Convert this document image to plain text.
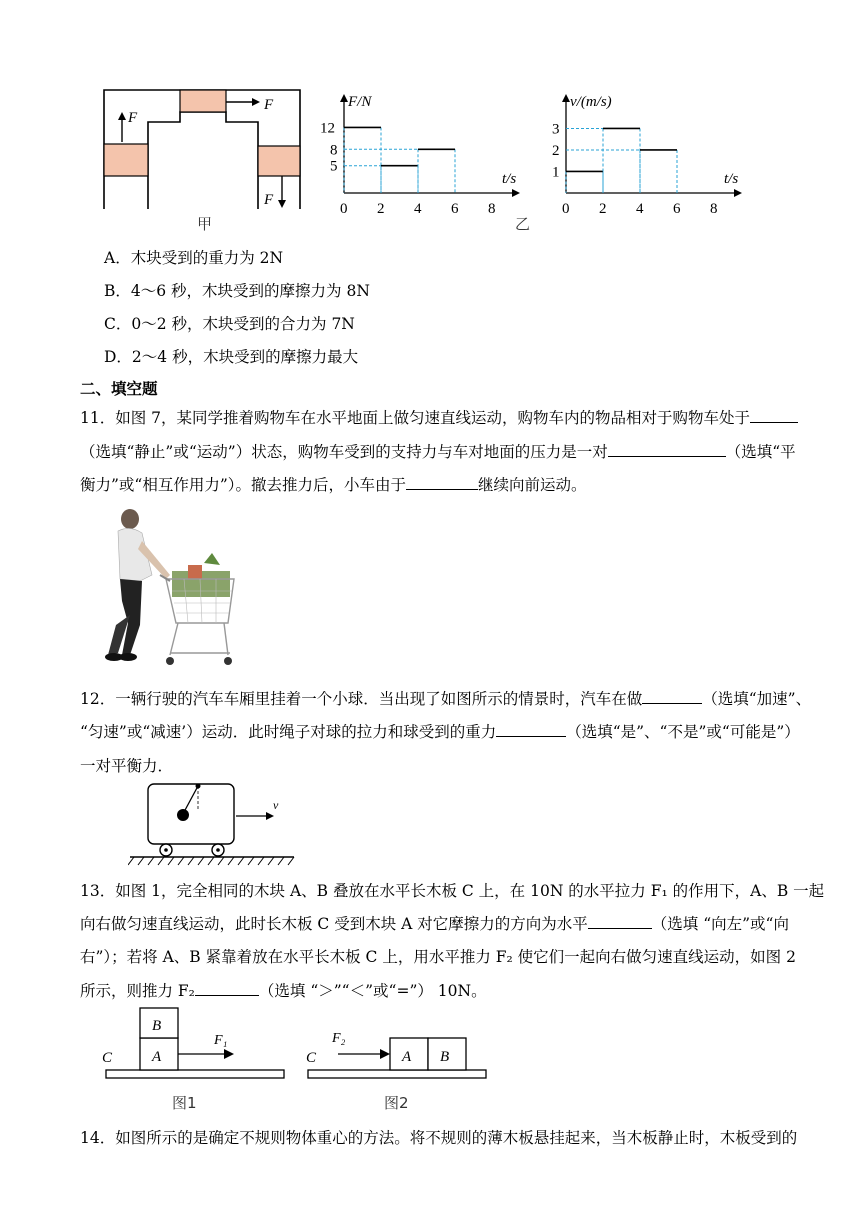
F
F
F
甲
F/N
t/s
0 2 4 6 8
12
8
5
v/(m/s)
t/s
0 2 4 6 8
3
2
1
乙
A．木块受到的重力为 2N
B．4～6 秒，木块受到的摩擦力为 8N
C．0～2 秒，木块受到的合力为 7N
D．2～4 秒，木块受到的摩擦力最大
二、填空题
11．如图 7，某同学推着购物车在水平地面上做匀速直线运动，购物车内的物品相对于购物车处于
（选填“静止”或“运动”）状态，购物车受到的支持力与车对地面的压力是一对	（选填“平
衡力”或“相互作用力”）。撤去推力后，小车由于	继续向前运动。
12．一辆行驶的汽车车厢里挂着一个小球．当出现了如图所示的情景时，汽车在做	（选填“加速”、
“匀速”或“减速’）运动．此时绳子对球的拉力和球受到的重力	（选填“是”、“不是”或“可能是”）
一对平衡力．
v
13．如图 1，完全相同的木块 A、B 叠放在水平长木板 C 上，在 10N 的水平拉力 F₁ 的作用下，A、B 一起
向右做匀速直线运动，此时长木板 C 受到木块 A 对它摩擦力的方向为水平	（选填 “向左”或“向
右”）；若将 A、B 紧靠着放在水平长木板 C 上，用水平推力 F₂ 使它们一起向右做匀速直线运动，如图 2
所示，则推力 F₂	（选填 “＞”“＜”或“=”） 10N。
B
A
C
F₁
图1
A B
C
F₂
图2
14．如图所示的是确定不规则物体重心的方法。将不规则的薄木板悬挂起来，当木板静止时，木板受到的
